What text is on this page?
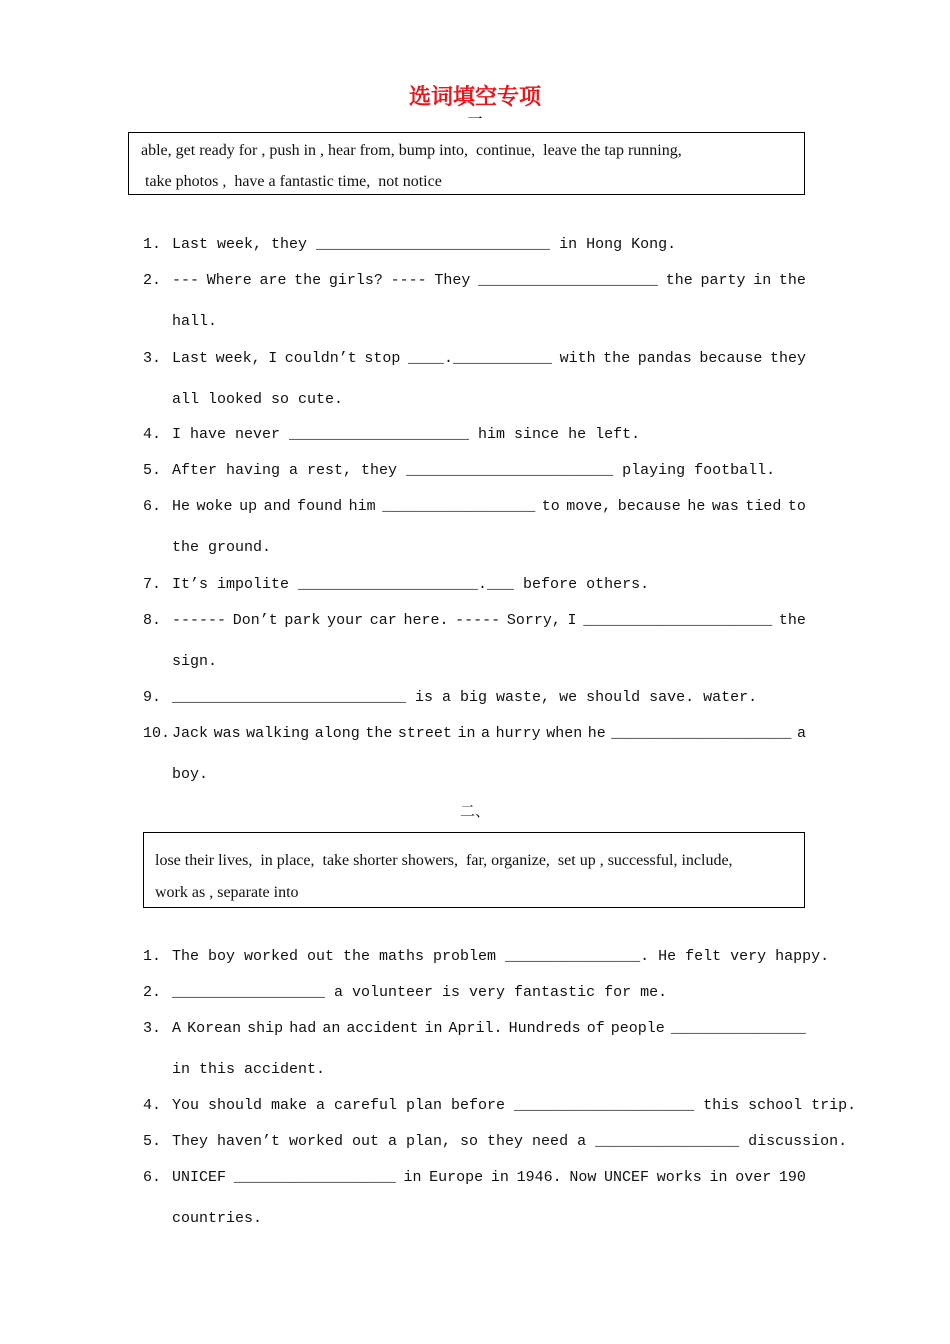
选词填空专项
一
able, get ready for , push in , hear from, bump into,  continue,  leave the tap running,
take photos ,  have a fantastic time,  not notice
1. Last week, they __________________________ in Hong Kong.
2. --- Where are the girls? ---- They ____________________ the party in the
hall.
3. Last week, I couldn’t stop ____.___________ with the pandas because they
all looked so cute.
4. I have never ____________________ him since he left.
5. After having a rest, they _______________________ playing football.
6. He woke up and found him _________________ to move, because he was tied to
the ground.
7. It’s impolite ____________________.___ before others.
8. ------ Don’t park your car here. ----- Sorry, I _____________________ the
sign.
9. __________________________ is a big waste, we should save. water.
10. Jack was walking along the street in a hurry when he ____________________ a
boy.
二、
lose their lives,  in place,  take shorter showers,  far, organize,  set up , successful, include,
work as , separate into
1. The boy worked out the maths problem _______________. He felt very happy.
2. _________________ a volunteer is very fantastic for me.
3. A Korean ship had an accident in April. Hundreds of people _______________
in this accident.
4. You should make a careful plan before ____________________ this school trip.
5. They haven’t worked out a plan, so they need a ________________ discussion.
6. UNICEF __________________ in Europe in 1946. Now UNCEF works in over 190
countries.
